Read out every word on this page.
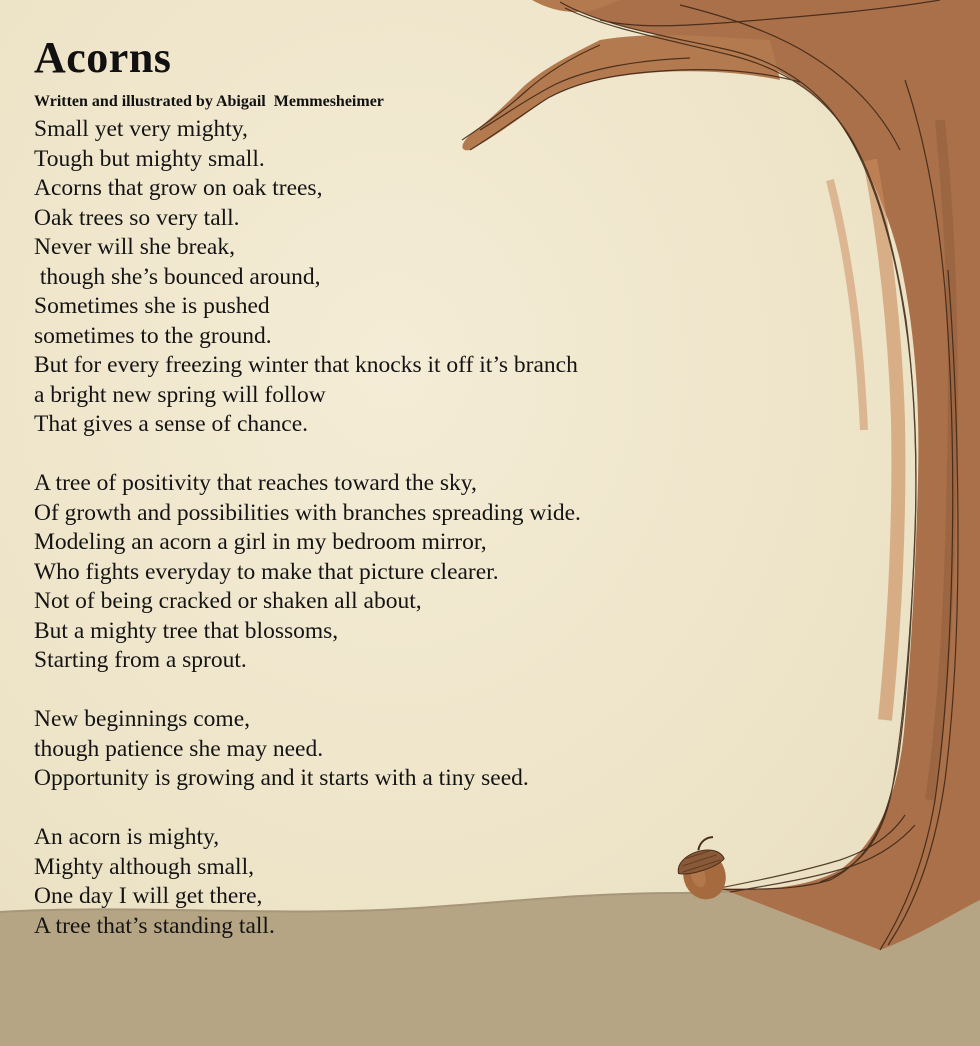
Acorns
Written and illustrated by Abigail  Memmesheimer
Small yet very mighty,
Tough but mighty small.
Acorns that grow on oak trees,
Oak trees so very tall.
Never will she break,
though she’s bounced around,
Sometimes she is pushed
sometimes to the ground.
But for every freezing winter that knocks it off it’s branch
a bright new spring will follow
That gives a sense of chance.
A tree of positivity that reaches toward the sky,
Of growth and possibilities with branches spreading wide.
Modeling an acorn a girl in my bedroom mirror,
Who fights everyday to make that picture clearer.
Not of being cracked or shaken all about,
But a mighty tree that blossoms,
Starting from a sprout.
New beginnings come,
though patience she may need.
Opportunity is growing and it starts with a tiny seed.
An acorn is mighty,
Mighty although small,
One day I will get there,
A tree that’s standing tall.
